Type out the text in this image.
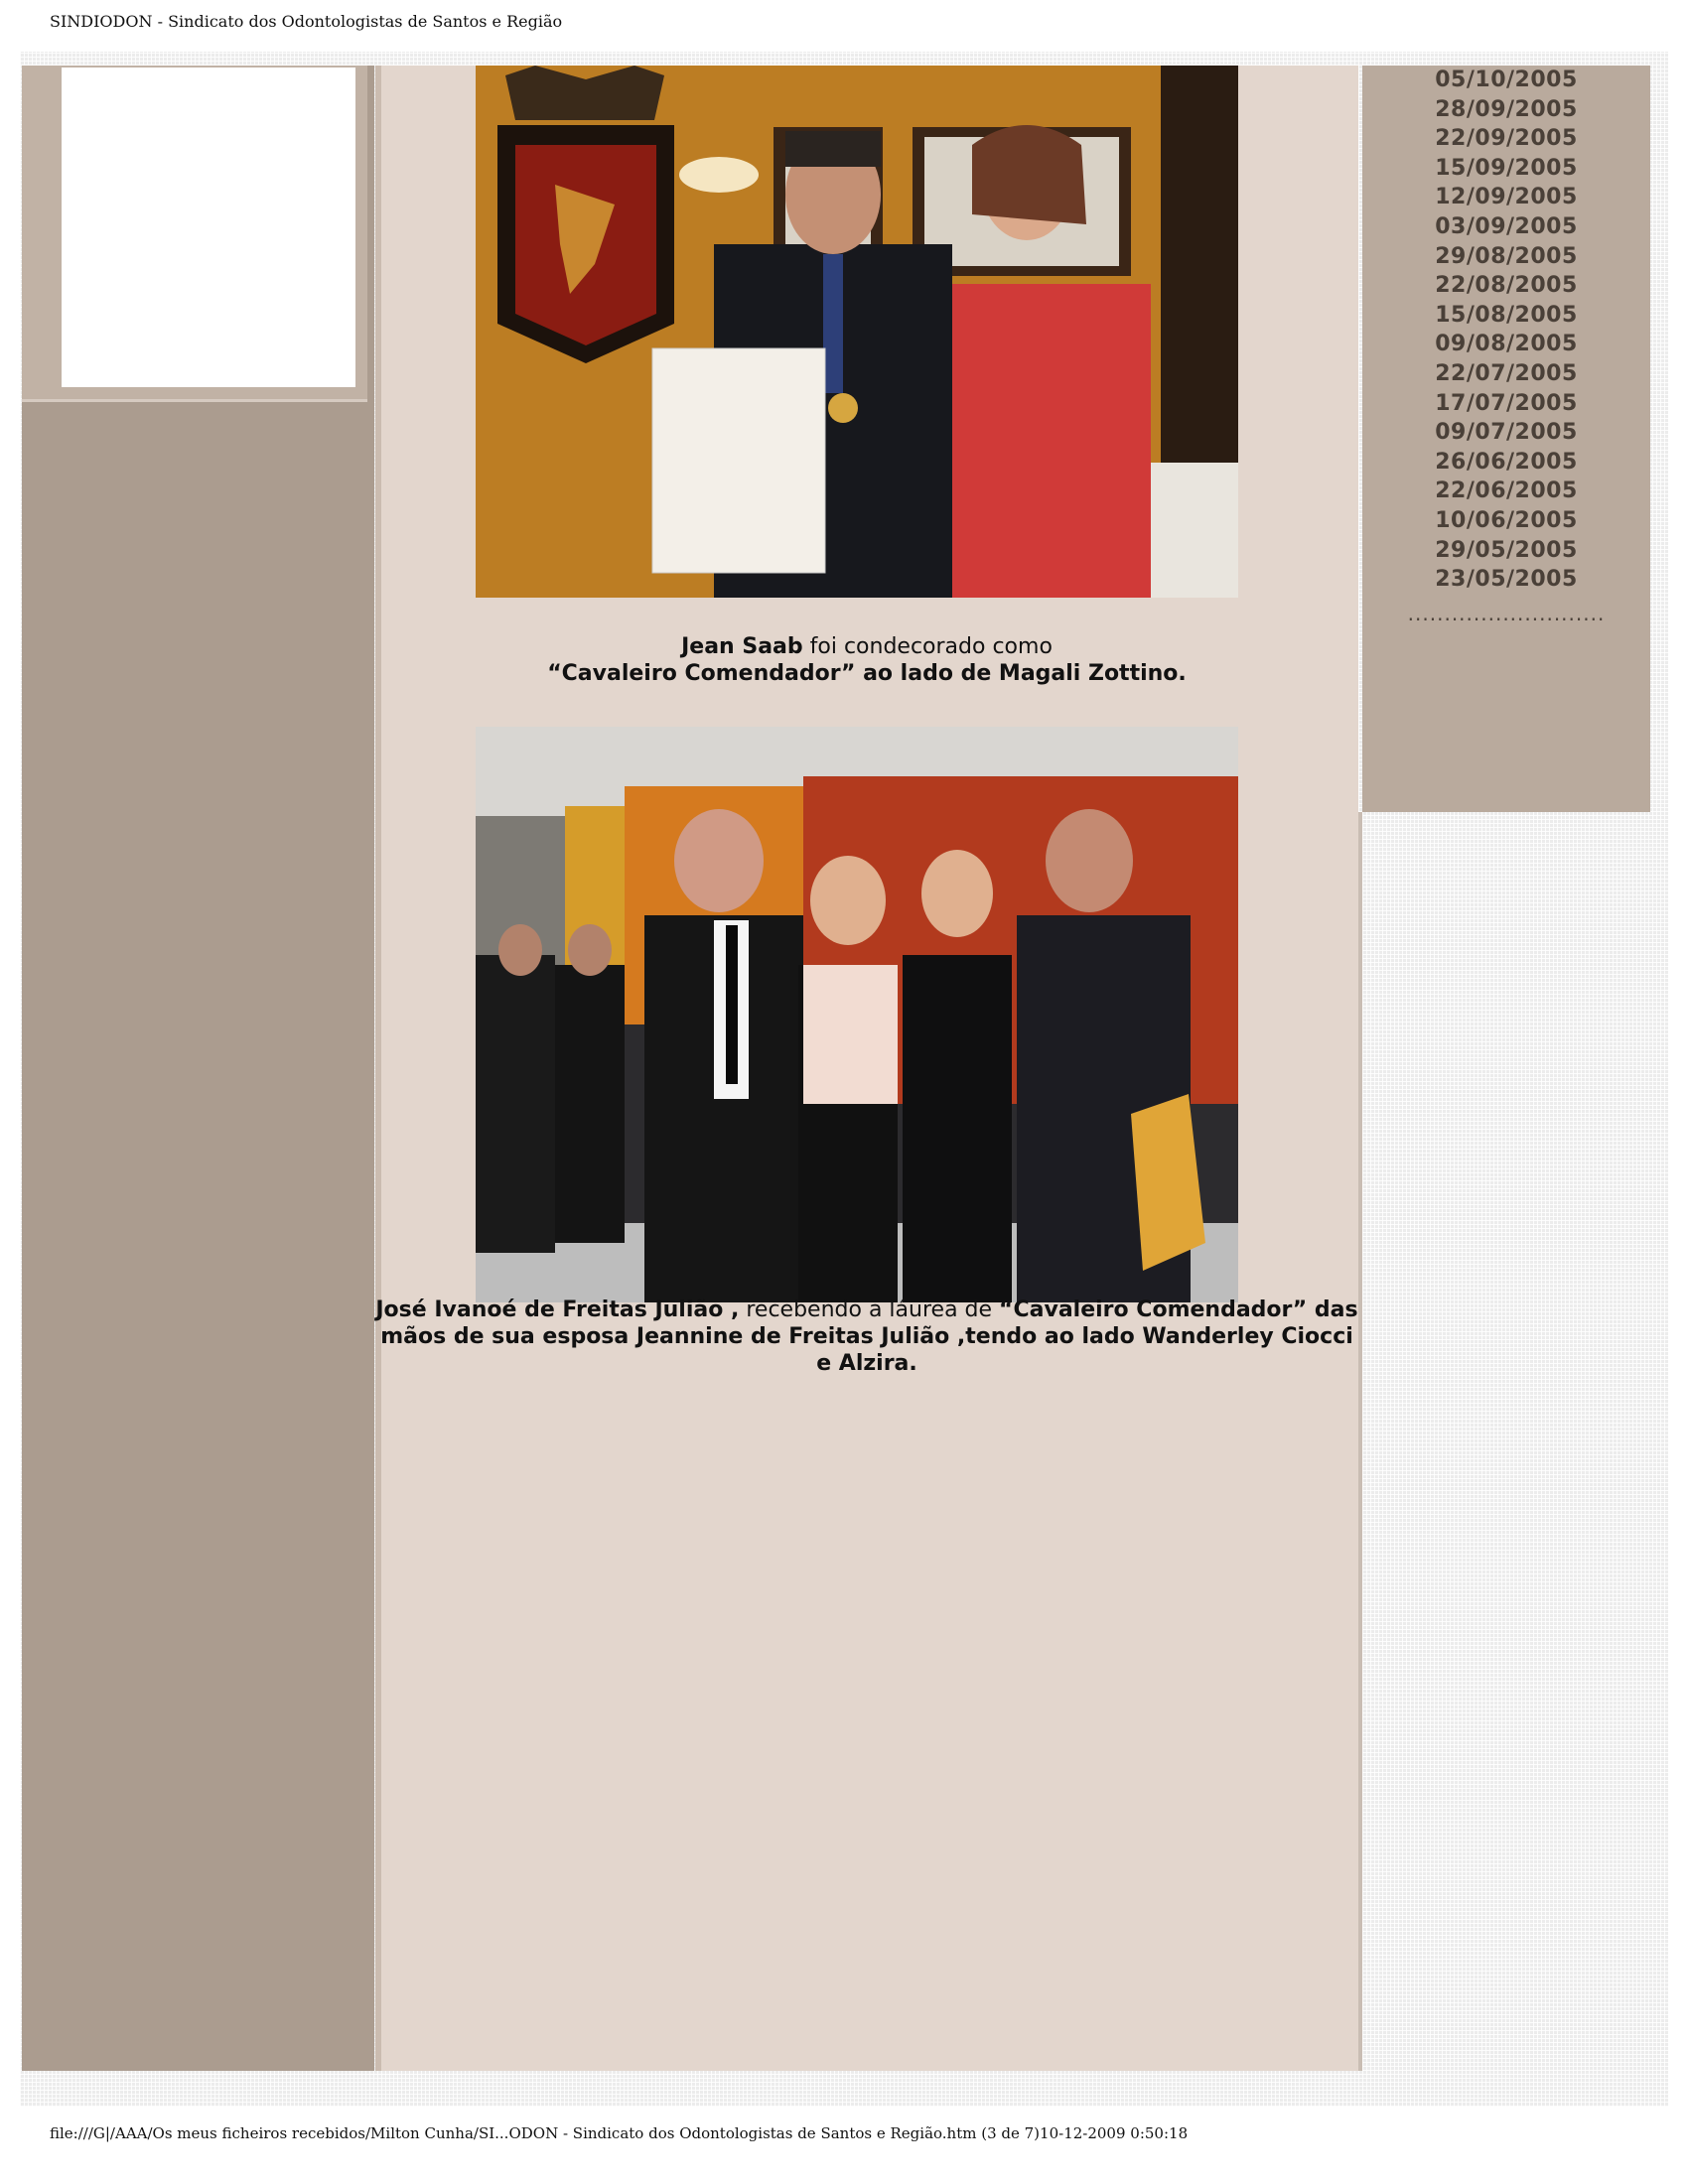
SINDIODON - Sindicato dos Odontologistas de Santos e Região
Jean Saab foi condecorado como
“Cavaleiro Comendador” ao lado de Magali Zottino.
José Ivanoé de Freitas Julião , recebendo a láurea de “Cavaleiro Comendador” das mãos de sua esposa Jeannine de Freitas Julião ,tendo ao lado Wanderley Ciocci e Alzira.
05/10/2005
28/09/2005
22/09/2005
15/09/2005
12/09/2005
03/09/2005
29/08/2005
22/08/2005
15/08/2005
09/08/2005
22/07/2005
17/07/2005
09/07/2005
26/06/2005
22/06/2005
10/06/2005
29/05/2005
23/05/2005
...........................
file:///G|/AAA/Os meus ficheiros recebidos/Milton Cunha/SI...ODON - Sindicato dos Odontologistas de Santos e Região.htm (3 de 7)10-12-2009 0:50:18
